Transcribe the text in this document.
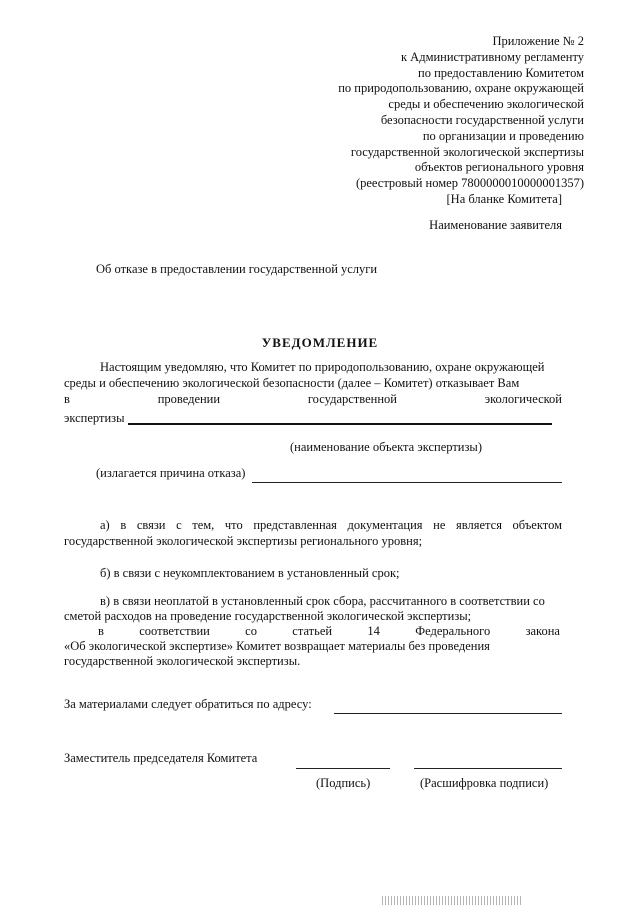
Приложение № 2
к Административному регламенту
по предоставлению Комитетом
по природопользованию, охране окружающей
среды и обеспечению экологической
безопасности государственной услуги
по организации и проведению
государственной экологической экспертизы
объектов регионального уровня
(реестровый номер 7800000010000001357)
[На бланке Комитета]
Наименование заявителя
Об отказе в предоставлении государственной услуги
УВЕДОМЛЕНИЕ
Настоящим уведомляю, что Комитет по природопользованию, охране окружающей
среды и обеспечению экологической безопасности (далее – Комитет) отказывает Вам
в	проведении	государственной	экологической
экспертизы
(наименование объекта экспертизы)
(излагается причина отказа)
а) в связи с тем, что представленная документация не является объектом государственной экологической экспертизы регионального уровня;
б) в связи с неукомплектованием в установленный срок;
в) в связи неоплатой в установленный срок сбора, рассчитанного в соответствии со
сметой расходов на проведение государственной экологической экспертизы;
в	соответствии	со	статьей	14	Федерального	закона
«Об экологической экспертизе» Комитет возвращает материалы без проведения
государственной экологической экспертизы.
За материалами следует обратиться по адресу:
Заместитель председателя Комитета
(Подпись)	(Расшифровка подписи)
